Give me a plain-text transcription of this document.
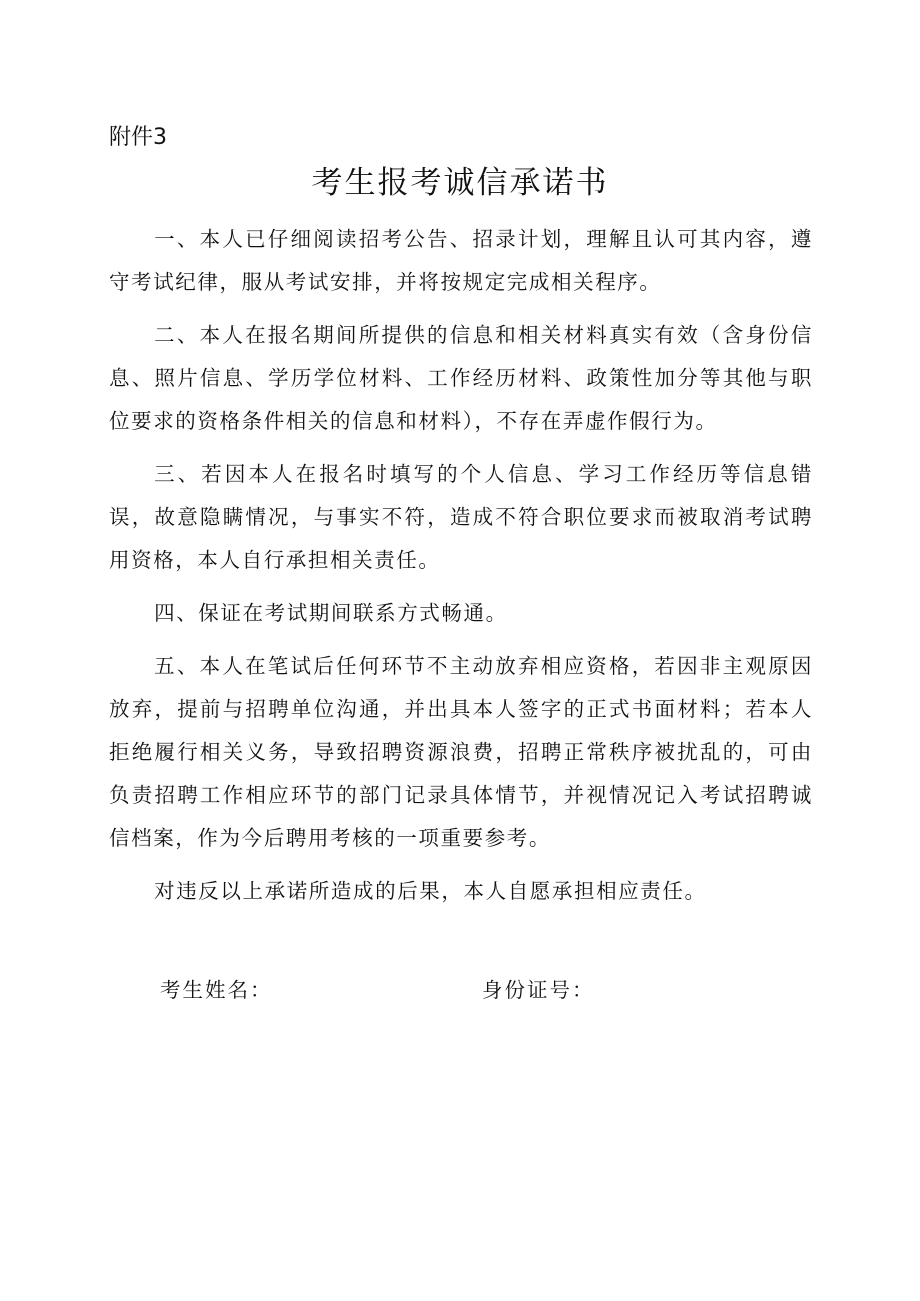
附件3
考生报考诚信承诺书

一、本人已仔细阅读招考公告、招录计划，理解且认可其内容，遵守考试纪律，服从考试安排，并将按规定完成相关程序。

二、本人在报名期间所提供的信息和相关材料真实有效（含身份信息、照片信息、学历学位材料、工作经历材料、政策性加分等其他与职位要求的资格条件相关的信息和材料），不存在弄虚作假行为。

三、若因本人在报名时填写的个人信息、学习工作经历等信息错误，故意隐瞒情况，与事实不符，造成不符合职位要求而被取消考试聘用资格，本人自行承担相关责任。

四、保证在考试期间联系方式畅通。

五、本人在笔试后任何环节不主动放弃相应资格，若因非主观原因放弃，提前与招聘单位沟通，并出具本人签字的正式书面材料；若本人拒绝履行相关义务，导致招聘资源浪费，招聘正常秩序被扰乱的，可由负责招聘工作相应环节的部门记录具体情节，并视情况记入考试招聘诚信档案，作为今后聘用考核的一项重要参考。

对违反以上承诺所造成的后果，本人自愿承担相应责任。

考生姓名：	身份证号：
